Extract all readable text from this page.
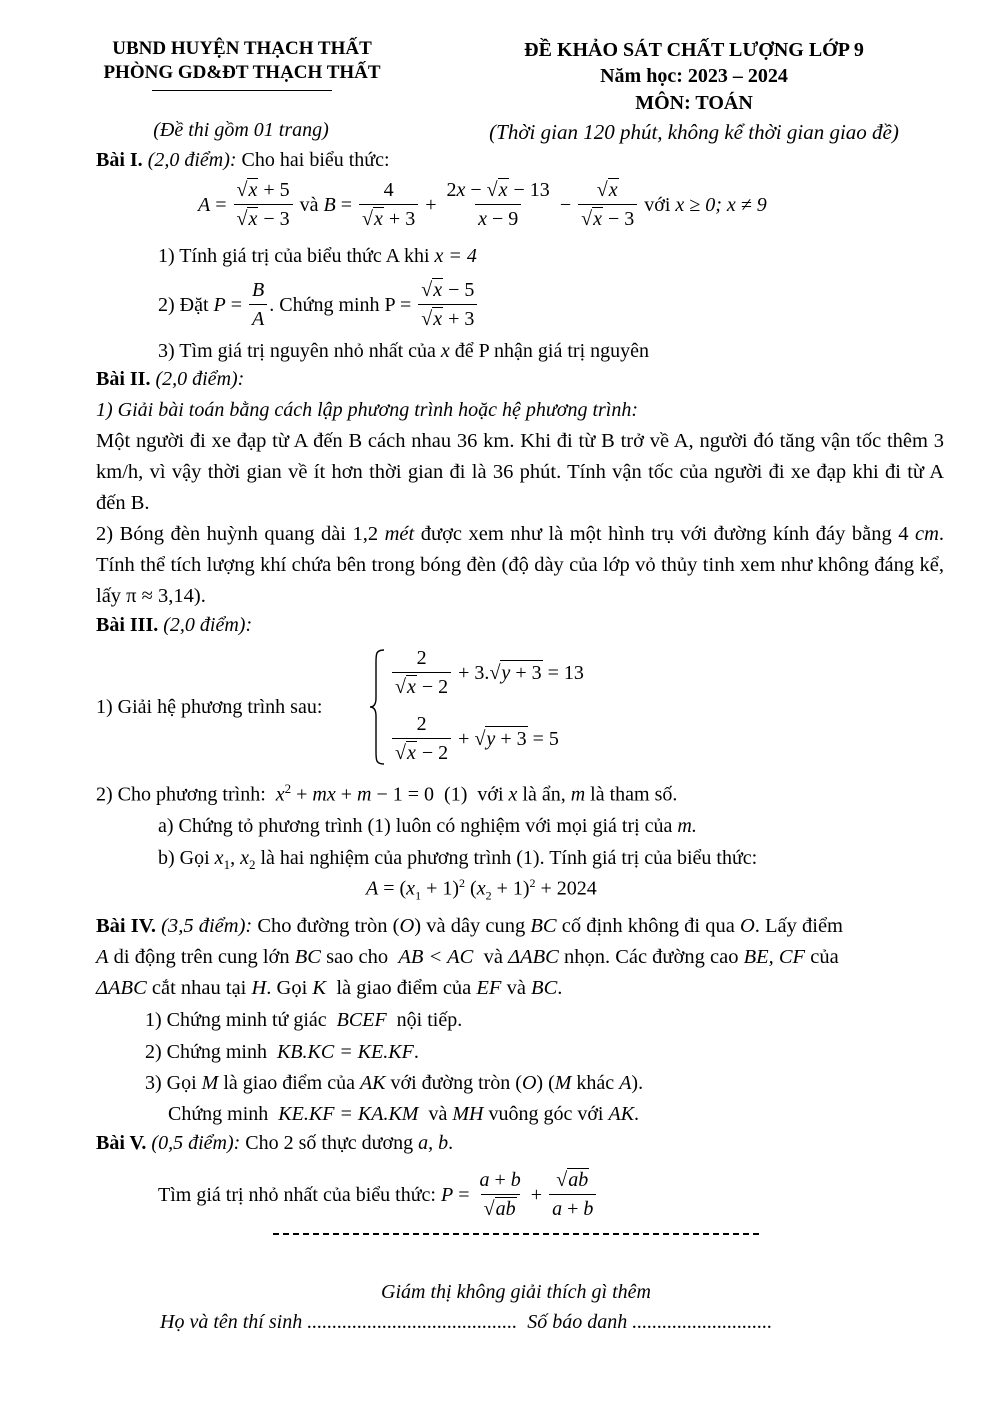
UBND HUYỆN THẠCH THẤT
PHÒNG GD&ĐT THẠCH THẤT
ĐỀ KHẢO SÁT CHẤT LƯỢNG LỚP 9
Năm học: 2023 – 2024
MÔN: TOÁN
(Đề thi gồm 01 trang)	(Thời gian 120 phút, không kể thời gian giao đề)
Bài I. (2,0 điểm): Cho hai biểu thức:
$A = \frac{√x + 5}{√x - 3}$
và
$B = \frac{4}{√x + 3} + \frac{2x - √x - 13}{x - 9} - \frac{√x}{√x - 3}$
với
x ≥ 0; x ≠ 9
1) Tính giá trị của biểu thức A khi x = 4
2) Đặt
$P = \frac{B}{A}$ . Chứng minh P =
$\frac{√x - 5}{√x + 3}$
3) Tìm giá trị nguyên nhỏ nhất của x để P nhận giá trị nguyên
Bài II. (2,0 điểm):
1) Giải bài toán bằng cách lập phương trình hoặc hệ phương trình:
Một người đi xe đạp từ A đến B cách nhau 36 km. Khi đi từ B trở về A, người đó tăng vận tốc thêm 3 km/h, vì vậy thời gian về ít hơn thời gian đi là 36 phút. Tính vận tốc của người đi xe đạp khi đi từ A đến B.
2) Bóng đèn huỳnh quang dài 1,2 mét được xem như là một hình trụ với đường kính đáy bằng 4 cm. Tính thể tích lượng khí chứa bên trong bóng đèn (độ dày của lớp vỏ thủy tinh xem như không đáng kể, lấy π ≈ 3,14).
Bài III. (2,0 điểm):
1) Giải hệ phương trình sau:
$\frac{2}{√x - 2}$
+ 3. √ y + 3
= 13
$\frac{2}{√x - 2}$
+
√ y + 3
= 5
2) Cho phương trình: $x^2$ + mx + m − 1 = 0  (1) với x là ẩn, m là tham số.
a) Chứng tỏ phương trình (1) luôn có nghiệm với mọi giá trị của m.
b) Gọi $x_1$, $x_2$ là hai nghiệm của phương trình (1). Tính giá trị của biểu thức:
$A = (x_1 + 1)^2$ $(x_2 + 1)^2 + 2024$
Bài IV. (3,5 điểm): Cho đường tròn (O) và dây cung BC cố định không đi qua O. Lấy điểm
A di động trên cung lớn BC sao cho AB < AC và ΔABC nhọn. Các đường cao BE, CF của
ΔABC cắt nhau tại H. Gọi K là giao điểm của EF và BC.
1) Chứng minh tứ giác BCEF nội tiếp.
2) Chứng minh KB.KC = KE.KF.
3) Gọi M là giao điểm của AK với đường tròn (O) (M khác A).
Chứng minh KE.KF = KA.KM và MH vuông góc với AK.
Bài V. (0,5 điểm): Cho 2 số thực dương a, b.
Tìm giá trị nhỏ nhất của biểu thức:
$P = \frac{a + b}{√ab} + \frac{√ab}{a + b}$
Giám thị không giải thích gì thêm
Họ và tên thí sinh .......................................... Số báo danh ............................
